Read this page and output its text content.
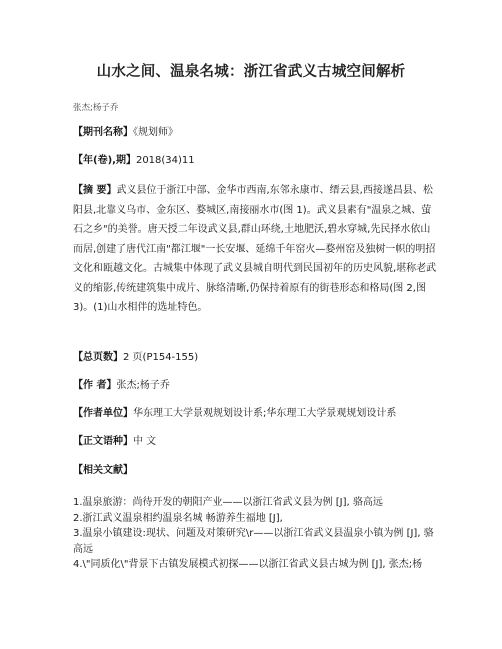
山水之间、温泉名城：浙江省武义古城空间解析
张杰;杨子乔
【期刊名称】《规划师》
【年(卷),期】2018(34)11
【摘 要】武义县位于浙江中部、金华市西南,东邻永康市、缙云县,西接遂昌县、松阳县,北靠义乌市、金东区、婺城区,南接丽水市(图 1)。武义县素有"温泉之城、萤石之乡"的美誉。唐天授二年设武义县,群山环绕,土地肥沃,碧水穿城,先民择水依山而居,创建了唐代江南"都江堰"一长安堰、延绵千年窑火—婺州窑及独树一帜的明招文化和瓯越文化。古城集中体现了武义县城自明代到民国初年的历史风貌,堪称老武义的缩影,传统建筑集中成片、脉络清晰,仍保持着原有的街巷形态和格局(图 2,图 3)。(1)山水相伴的选址特色。
【总页数】2 页(P154-155)
【作 者】张杰;杨子乔
【作者单位】华东理工大学景观规划设计系;华东理工大学景观规划设计系
【正文语种】中 文
【相关文献】
1.温泉旅游：尚待开发的朝阳产业——以浙江省武义县为例 [J], 骆高远
2.浙江武义温泉相约温泉名城 畅游养生福地 [J],
3.温泉小镇建设:现状、问题及对策研究\r——以浙江省武义县温泉小镇为例 [J], 骆高远
4.\"同质化\"背景下古镇发展模式初探——以浙江省武义县古城为例 [J], 张杰;杨
